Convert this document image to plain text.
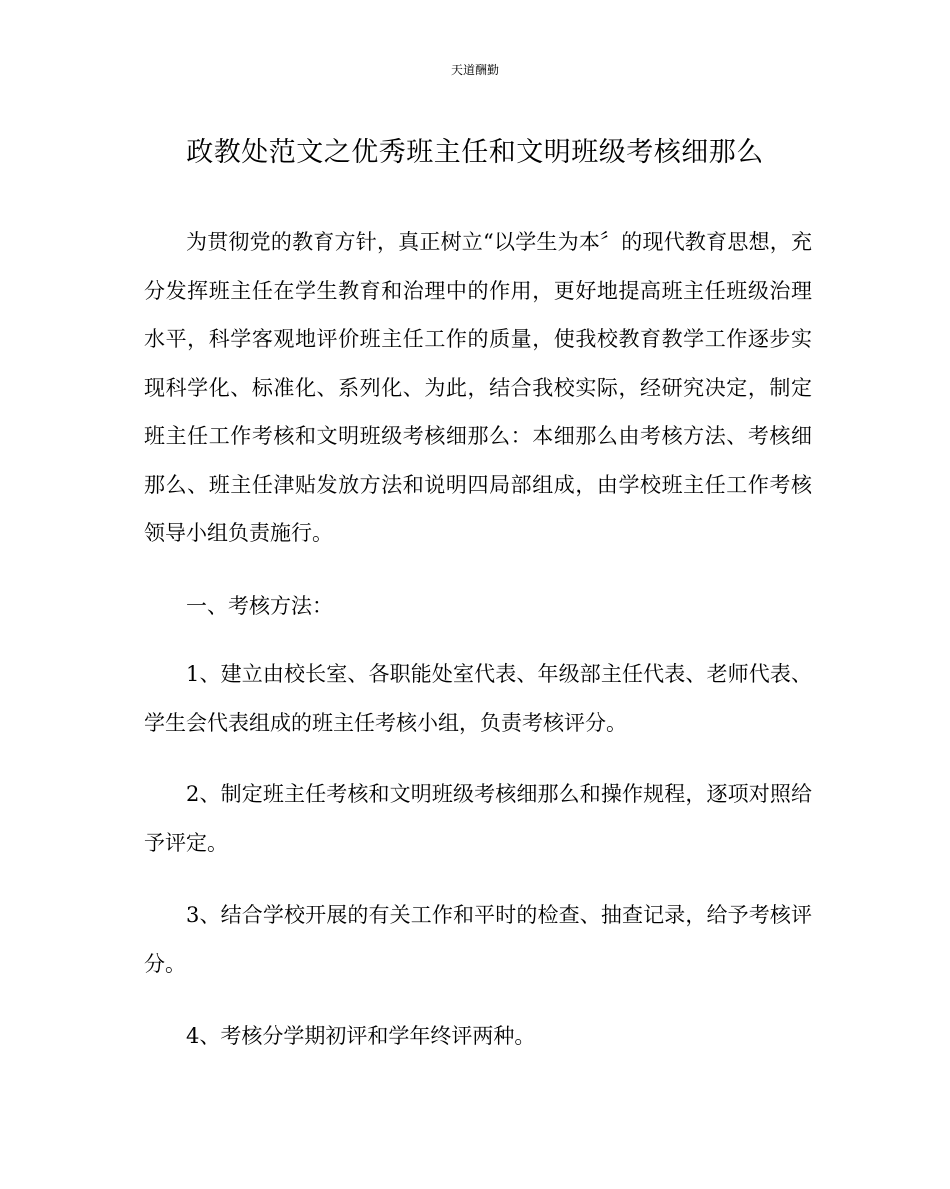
天道酬勤
政教处范文之优秀班主任和文明班级考核细那么

为贯彻党的教育方针，真正树立“以学生为本〞的现代教育思想，充分发挥班主任在学生教育和治理中的作用，更好地提高班主任班级治理水平，科学客观地评价班主任工作的质量，使我校教育教学工作逐步实现科学化、标准化、系列化、为此，结合我校实际，经研究决定，制定班主任工作考核和文明班级考核细那么：本细那么由考核方法、考核细那么、班主任津贴发放方法和说明四局部组成，由学校班主任工作考核领导小组负责施行。

一、考核方法：

1、建立由校长室、各职能处室代表、年级部主任代表、老师代表、学生会代表组成的班主任考核小组，负责考核评分。

2、制定班主任考核和文明班级考核细那么和操作规程，逐项对照给予评定。

3、结合学校开展的有关工作和平时的检查、抽查记录，给予考核评分。

4、考核分学期初评和学年终评两种。
